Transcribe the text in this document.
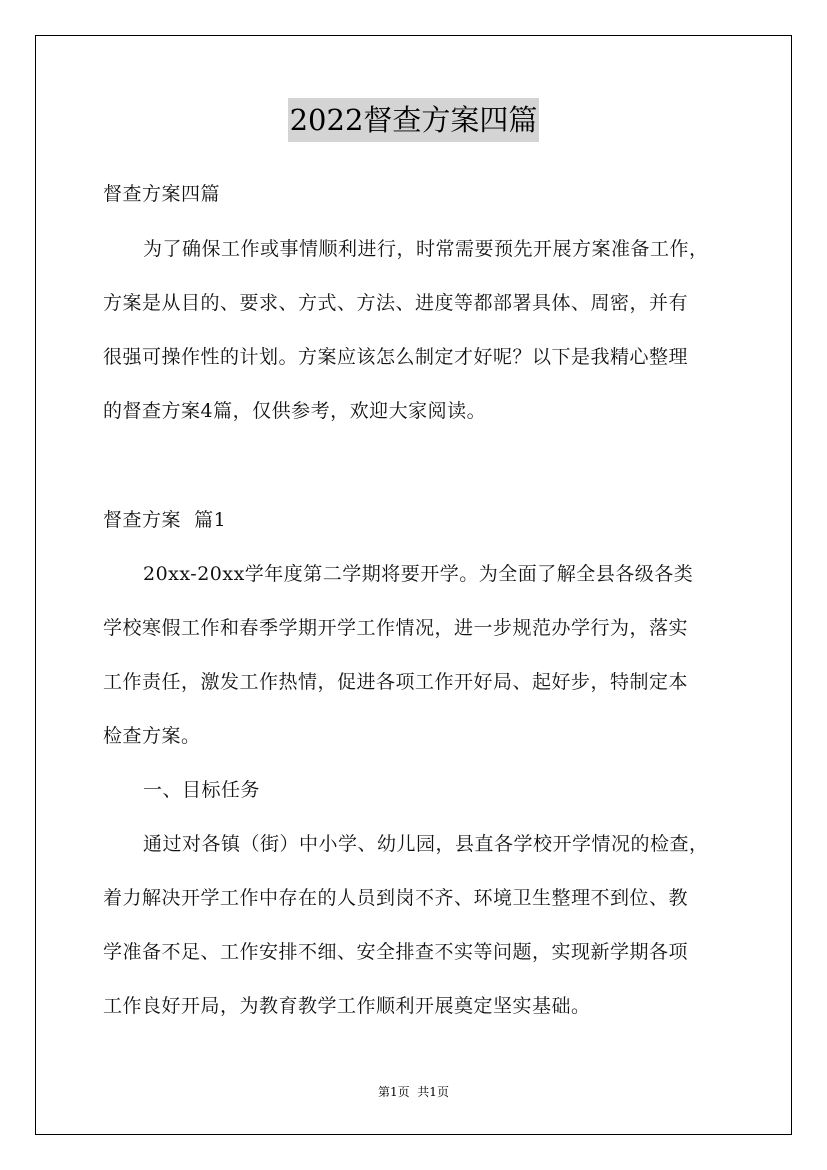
2022督查方案四篇
督查方案四篇
为了确保工作或事情顺利进行，时常需要预先开展方案准备工作，
方案是从目的、要求、方式、方法、进度等都部署具体、周密，并有
很强可操作性的计划。方案应该怎么制定才好呢？以下是我精心整理
的督查方案4篇，仅供参考，欢迎大家阅读。
督查方案  篇1
20xx-20xx学年度第二学期将要开学。为全面了解全县各级各类
学校寒假工作和春季学期开学工作情况，进一步规范办学行为，落实
工作责任，激发工作热情，促进各项工作开好局、起好步，特制定本
检查方案。
一、目标任务
通过对各镇（街）中小学、幼儿园，县直各学校开学情况的检查，
着力解决开学工作中存在的人员到岗不齐、环境卫生整理不到位、教
学准备不足、工作安排不细、安全排查不实等问题，实现新学期各项
工作良好开局，为教育教学工作顺利开展奠定坚实基础。
第1页  共1页
